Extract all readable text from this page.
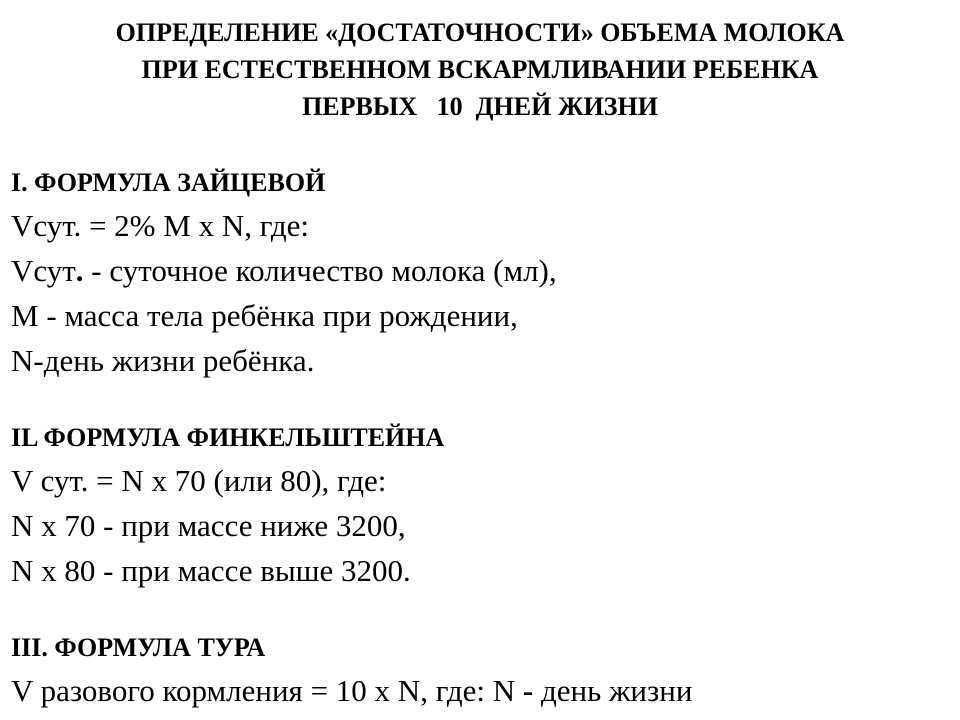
ОПРЕДЕЛЕНИЕ «ДОСТАТОЧНОСТИ» ОБЪЕМА МОЛОКА
ПРИ ЕСТЕСТВЕННОМ ВСКАРМЛИВАНИИ РЕБЕНКА
ПЕРВЫХ   10  ДНЕЙ ЖИЗНИ
I. ФОРМУЛА ЗАЙЦЕВОЙ
Vсут. = 2% M x N, где:
Vсут. - суточное количество молока (мл),
М - масса тела ребёнка при рождении,
N-день жизни ребёнка.
IL ФОРМУЛА ФИНКЕЛЬШТЕЙНА
V сут. = N x 70 (или 80), где:
N x 70 - при массе ниже 3200,
N x 80 - при массе выше 3200.
III. ФОРМУЛА ТУРА
V разового кормления = 10 х N, где: N - день жизни
